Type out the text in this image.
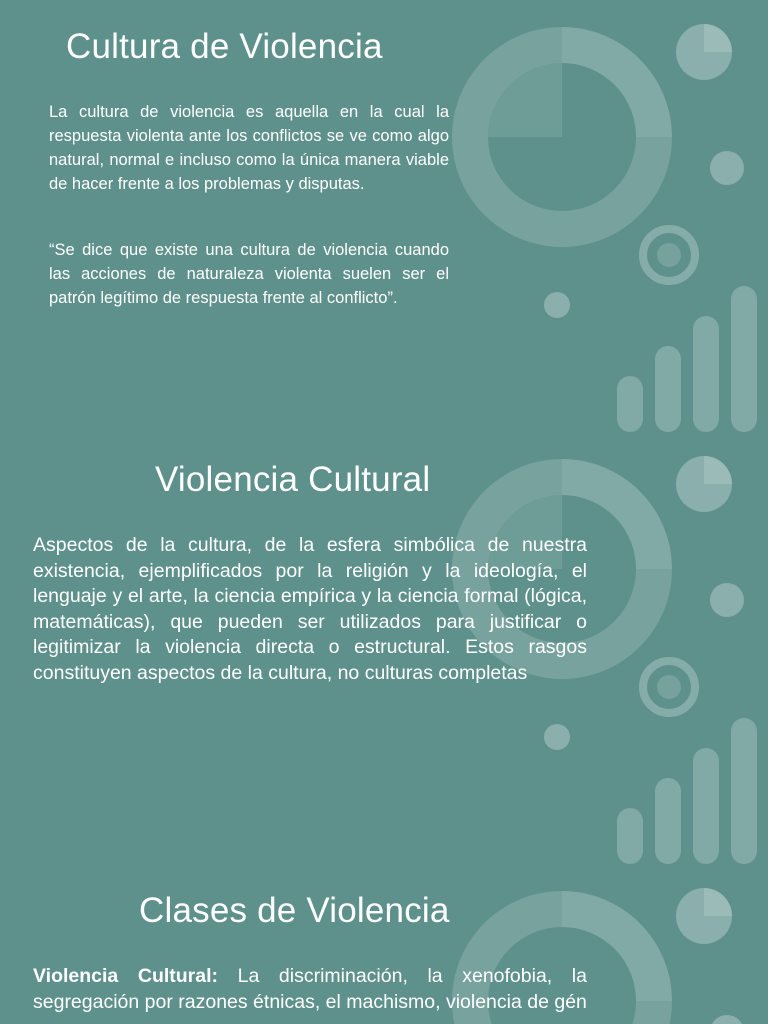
Cultura de Violencia

La cultura de violencia es aquella en la cual la respuesta violenta ante los conflictos se ve como algo natural, normal e incluso como la única manera viable de hacer frente a los problemas y disputas.

“Se dice que existe una cultura de violencia cuando las acciones de naturaleza violenta suelen ser el patrón legítimo de respuesta frente al conflicto”.

Violencia Cultural

Aspectos de la cultura, de la esfera simbólica de nuestra existencia, ejemplificados por la religión y la ideología, el lenguaje y el arte, la ciencia empírica y la ciencia formal (lógica, matemáticas), que pueden ser utilizados para justificar o legitimizar la violencia directa o estructural. Estos rasgos constituyen aspectos de la cultura, no culturas completas

Clases de Violencia

Violencia Cultural: La discriminación, la xenofobia, la segregación por razones étnicas, el machismo, violencia de gén
